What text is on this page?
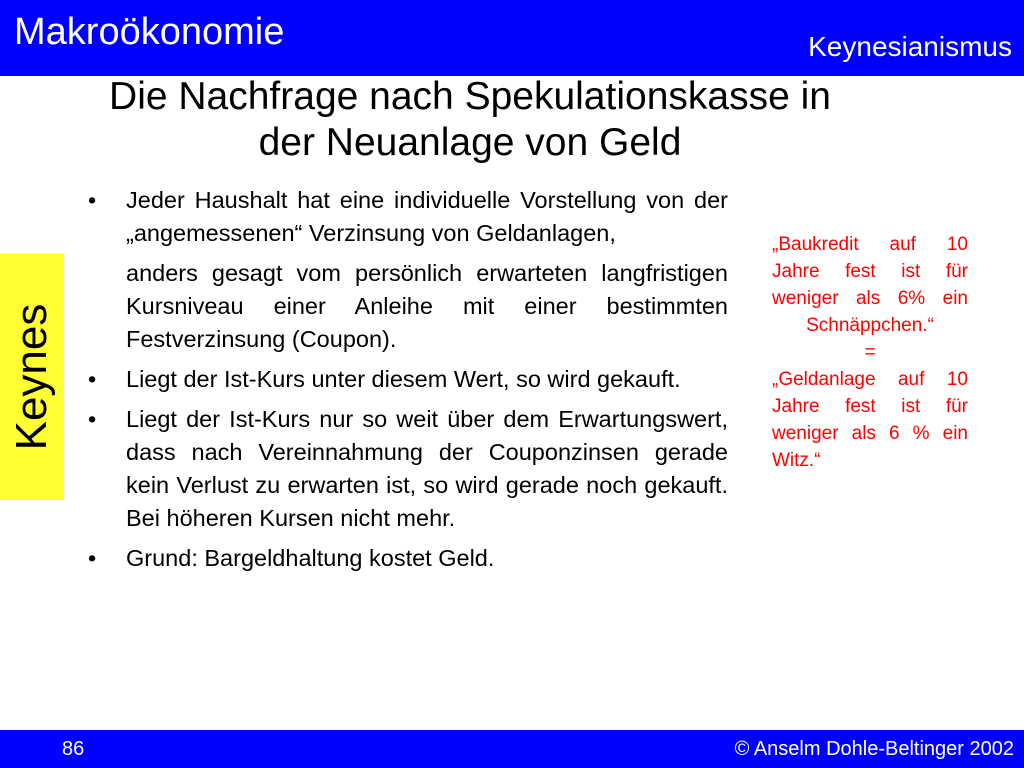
Makroökonomie	Keynesianismus
Die Nachfrage nach Spekulationskasse in
der Neuanlage von Geld
Keynes
•	Jeder Haushalt hat eine individuelle Vorstellung von der „angemessenen“ Verzinsung von Geldanlagen,
anders gesagt vom persönlich erwarteten langfristigen Kursniveau einer Anleihe mit einer bestimmten Festverzinsung (Coupon).
•	Liegt der Ist-Kurs unter diesem Wert, so wird gekauft.
•	Liegt der Ist-Kurs nur so weit über dem Erwartungswert, dass nach Vereinnahmung der Couponzinsen gerade kein Verlust zu erwarten ist, so wird gerade noch gekauft. Bei höheren Kursen nicht mehr.
•	Grund: Bargeldhaltung kostet Geld.
„Baukredit auf 10
Jahre fest ist für
weniger als 6% ein
Schnäppchen.“
=
„Geldanlage auf 10
Jahre fest ist für
weniger als 6 % ein
Witz.“
86	© Anselm Dohle-Beltinger 2002
